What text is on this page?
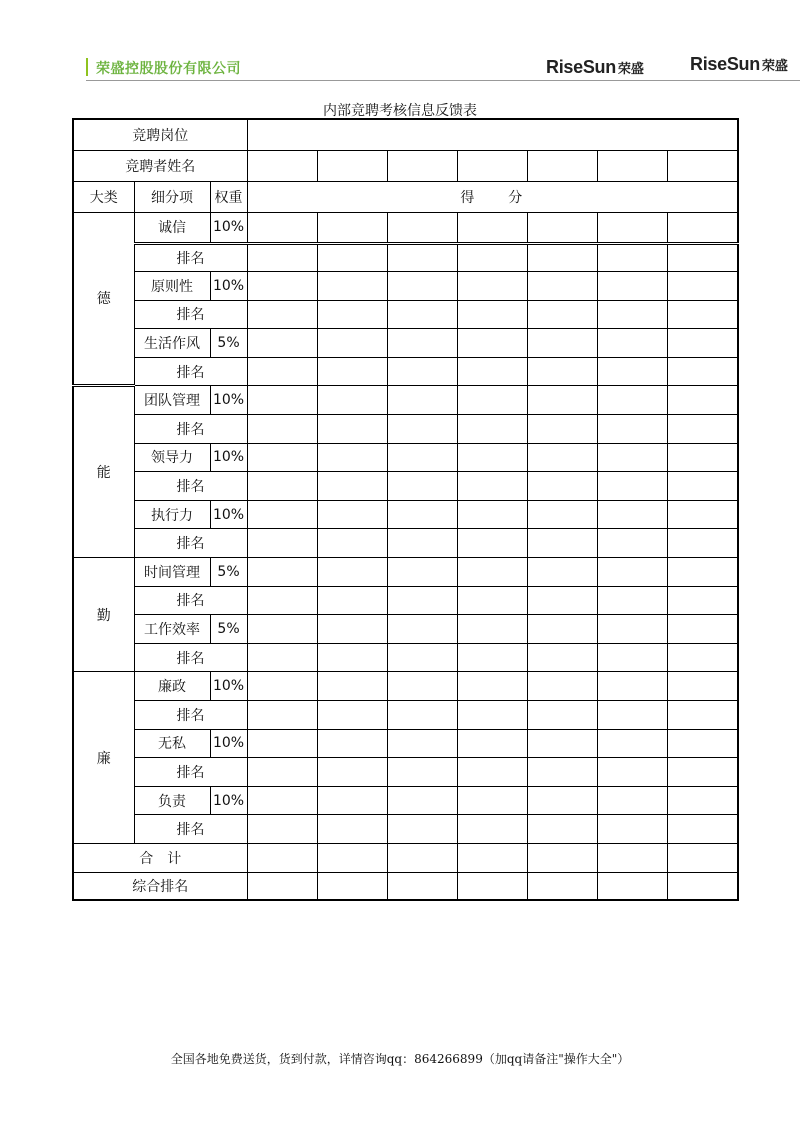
荣盛控股股份有限公司	RiseSun 荣盛	RiseSun 荣盛
内部竞聘考核信息反馈表
竞聘岗位									
竞聘者姓名									
大类	细分项	权重	得　　分						
德	诚信	10%							
	排名								
	原则性	10%							
	排名								
	生活作风	5%							
	排名								
能	团队管理	10%							
	排名								
	领导力	10%							
	排名								
	执行力	10%							
	排名								
勤	时间管理	5%							
	排名								
	工作效率	5%							
	排名								
廉	廉政	10%							
	排名								
	无私	10%							
	排名								
	负责	10%							
	排名								
合　计									
综合排名									
全国各地免费送货，货到付款，详情咨询qq：864266899（加qq请备注"操作大全"）
